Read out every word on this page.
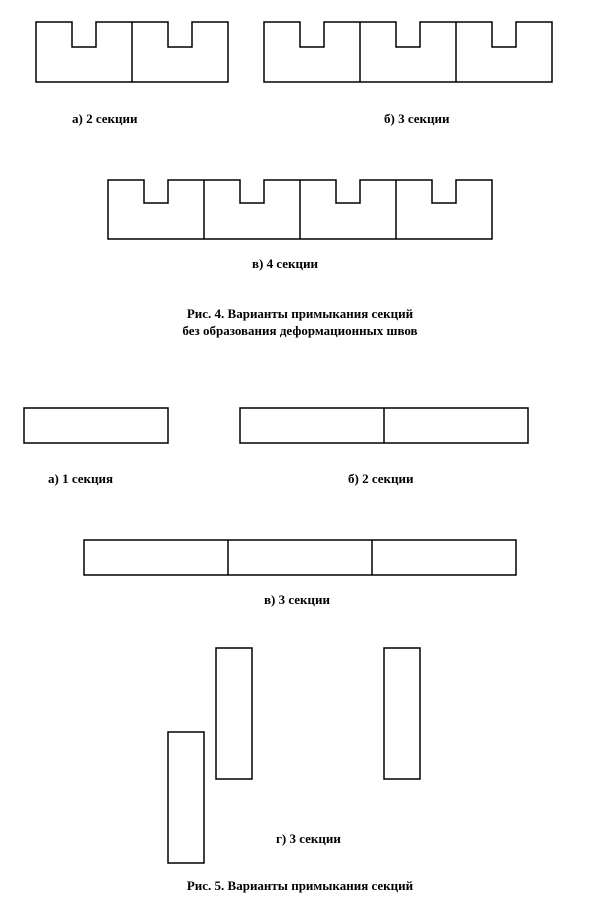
а) 2 секции	б) 3 секции

в) 4 секции

Рис. 4. Варианты примыкания секций
без образования деформационных швов

а) 1 секция	б) 2 секции

в) 3 секции

г) 3 секции

Рис. 5. Варианты примыкания секций
